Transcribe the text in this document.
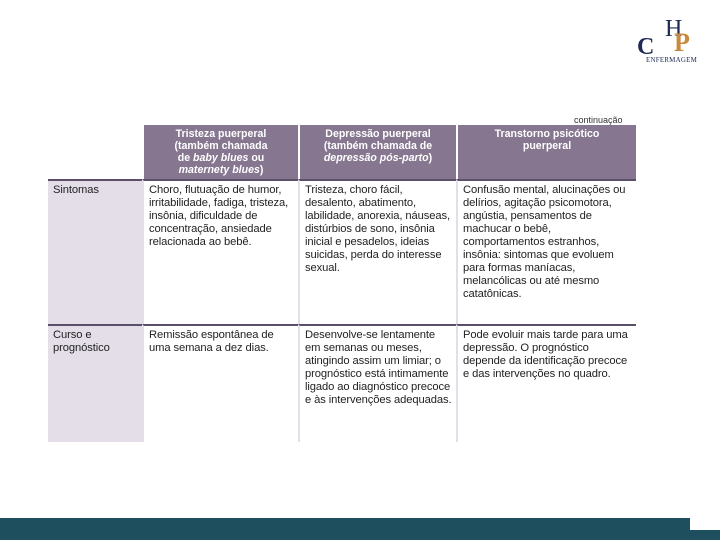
C
H
P
ENFERMAGEM
continuação
	Tristeza puerperal
(também chamada
de baby blues ou
maternety blues)	Depressão puerperal
(também chamada de
depressão pós-parto)	Transtorno psicótico
puerperal
Sintomas	Choro, flutuação de humor, irritabilidade, fadiga, tristeza, insônia, dificuldade de concentração, ansiedade relacionada ao bebê.	Tristeza, choro fácil, desalento, abatimento, labilidade, anorexia, náuseas, distúrbios de sono, insônia inicial e pesadelos, ideias suicidas, perda do interesse sexual.	Confusão mental, alucinações ou delírios, agitação psicomotora, angústia, pensamentos de machucar o bebê, comportamentos estranhos, insônia: sintomas que evoluem para formas maníacas, melancólicas ou até mesmo catatônicas.
Curso e prognóstico	Remissão espontânea de uma semana a dez dias.	Desenvolve-se lentamente em semanas ou meses, atingindo assim um limiar; o prognóstico está intimamente ligado ao diagnóstico precoce e às intervenções adequadas.	Pode evoluir mais tarde para uma depressão. O prognóstico depende da identificação precoce e das intervenções no quadro.
